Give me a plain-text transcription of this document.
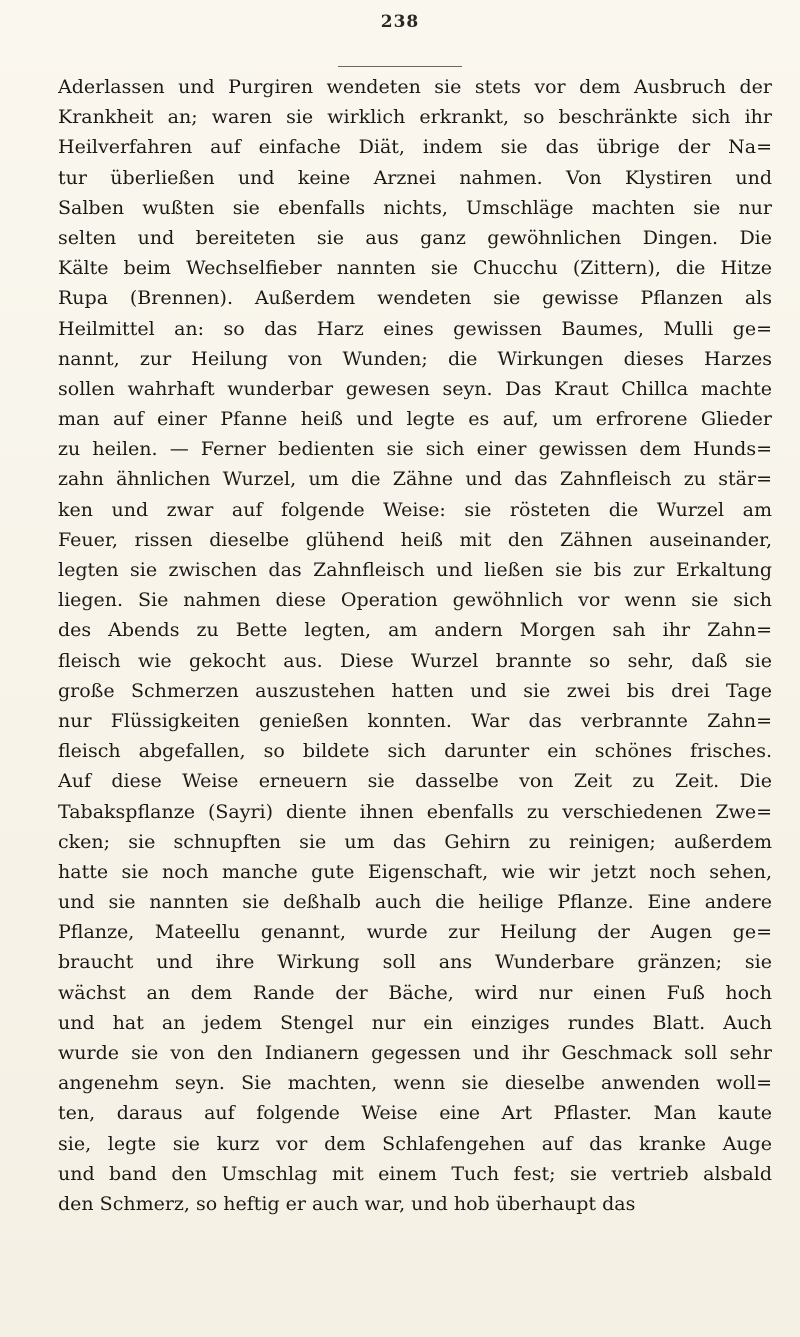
238
Aderlassen und Purgiren wendeten sie stets vor dem Ausbruch der
Krankheit an; waren sie wirklich erkrankt, so beschränkte sich ihr
Heilverfahren auf einfache Diät, indem sie das übrige der Na=
tur überließen und keine Arznei nahmen. Von Klystiren und
Salben wußten sie ebenfalls nichts, Umschläge machten sie nur
selten und bereiteten sie aus ganz gewöhnlichen Dingen. Die
Kälte beim Wechselfieber nannten sie Chucchu (Zittern), die Hitze
Rupa (Brennen). Außerdem wendeten sie gewisse Pflanzen als
Heilmittel an: so das Harz eines gewissen Baumes, Mulli ge=
nannt, zur Heilung von Wunden; die Wirkungen dieses Harzes
sollen wahrhaft wunderbar gewesen seyn. Das Kraut Chillca machte
man auf einer Pfanne heiß und legte es auf, um erfrorene Glieder
zu heilen. — Ferner bedienten sie sich einer gewissen dem Hunds=
zahn ähnlichen Wurzel, um die Zähne und das Zahnfleisch zu stär=
ken und zwar auf folgende Weise: sie rösteten die Wurzel am
Feuer, rissen dieselbe glühend heiß mit den Zähnen auseinander,
legten sie zwischen das Zahnfleisch und ließen sie bis zur Erkaltung
liegen. Sie nahmen diese Operation gewöhnlich vor wenn sie sich
des Abends zu Bette legten, am andern Morgen sah ihr Zahn=
fleisch wie gekocht aus. Diese Wurzel brannte so sehr, daß sie
große Schmerzen auszustehen hatten und sie zwei bis drei Tage
nur Flüssigkeiten genießen konnten. War das verbrannte Zahn=
fleisch abgefallen, so bildete sich darunter ein schönes frisches.
Auf diese Weise erneuern sie dasselbe von Zeit zu Zeit. Die
Tabakspflanze (Sayri) diente ihnen ebenfalls zu verschiedenen Zwe=
cken; sie schnupften sie um das Gehirn zu reinigen; außerdem
hatte sie noch manche gute Eigenschaft, wie wir jetzt noch sehen,
und sie nannten sie deßhalb auch die heilige Pflanze. Eine andere
Pflanze, Mateellu genannt, wurde zur Heilung der Augen ge=
braucht und ihre Wirkung soll ans Wunderbare gränzen; sie
wächst an dem Rande der Bäche, wird nur einen Fuß hoch
und hat an jedem Stengel nur ein einziges rundes Blatt. Auch
wurde sie von den Indianern gegessen und ihr Geschmack soll sehr
angenehm seyn. Sie machten, wenn sie dieselbe anwenden woll=
ten, daraus auf folgende Weise eine Art Pflaster. Man kaute
sie, legte sie kurz vor dem Schlafengehen auf das kranke Auge
und band den Umschlag mit einem Tuch fest; sie vertrieb alsbald
den Schmerz, so heftig er auch war, und hob überhaupt das
